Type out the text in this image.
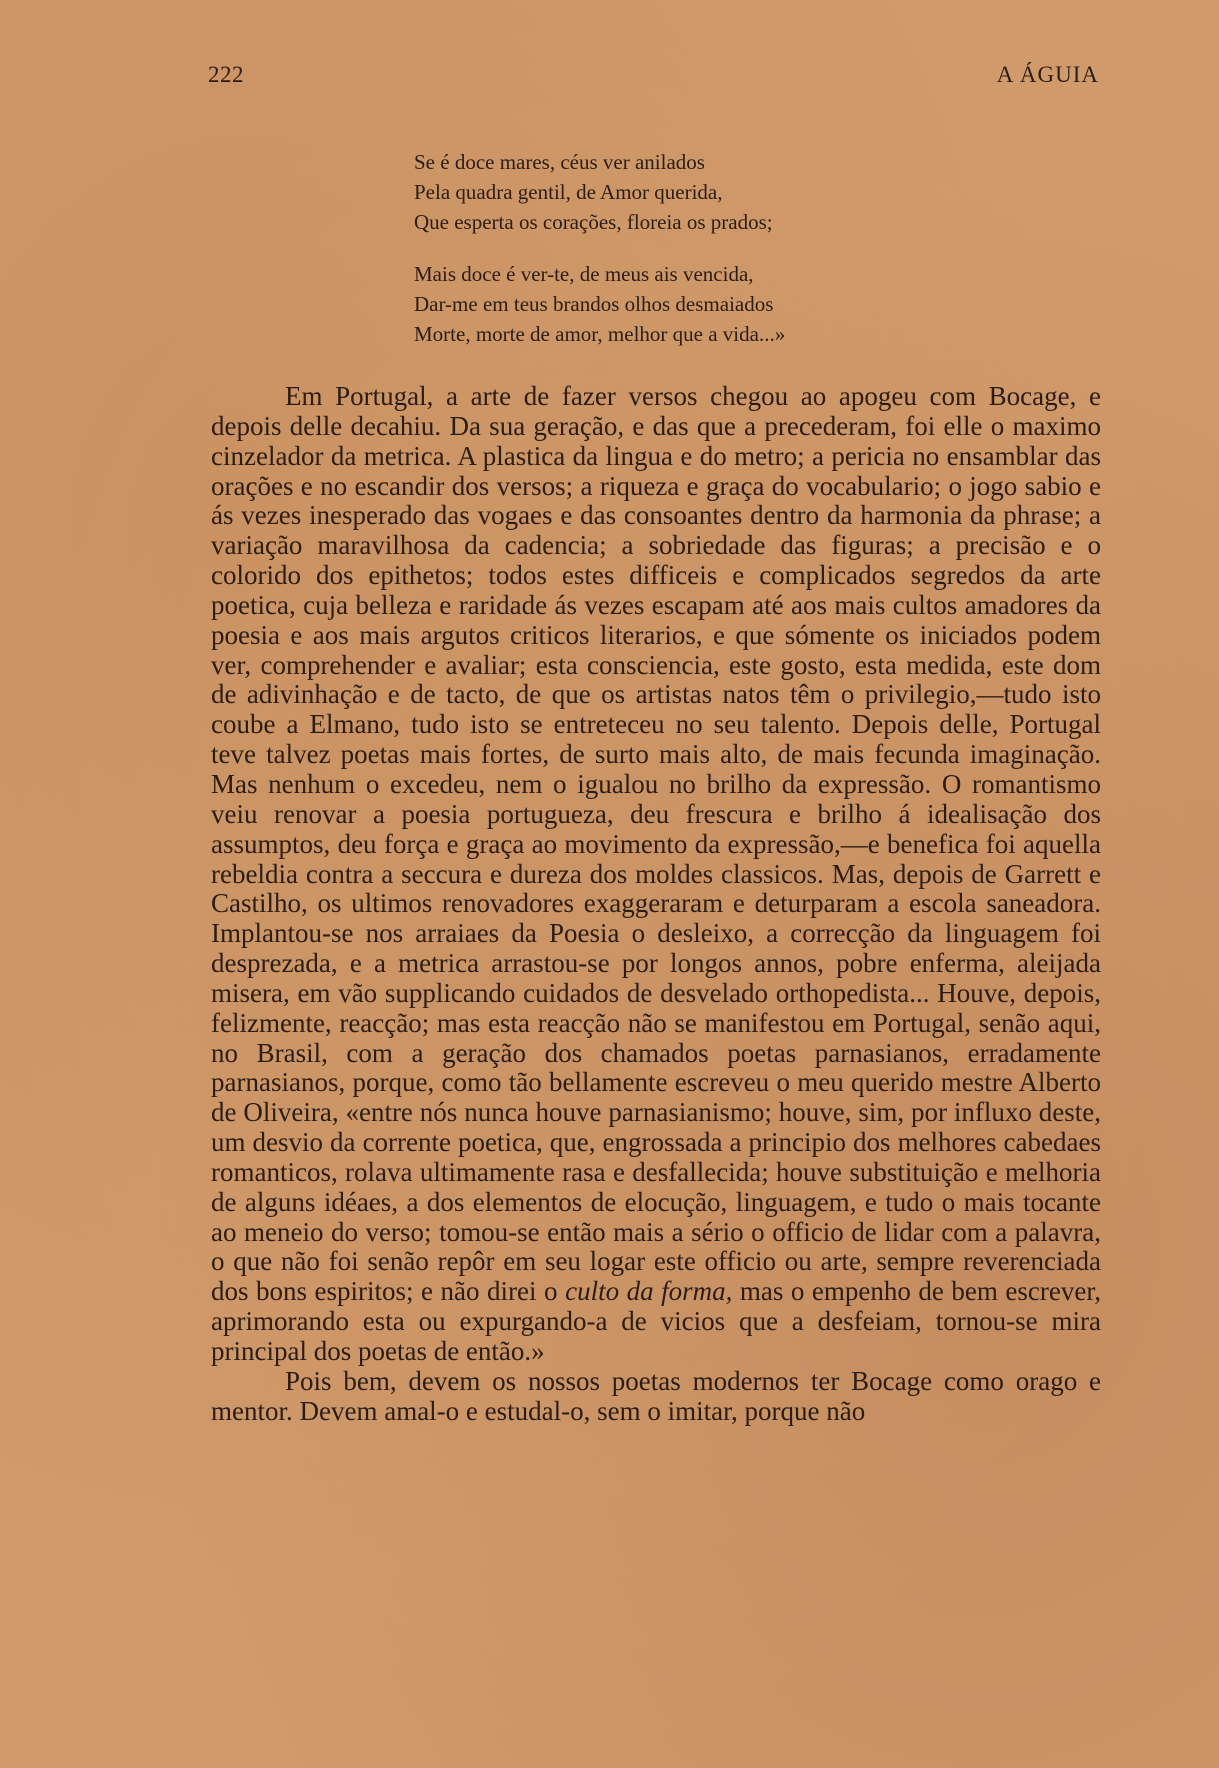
222	A ÁGUIA
Se é doce mares, céus ver anilados
Pela quadra gentil, de Amor querida,
Que esperta os corações, floreia os prados;
Mais doce é ver-te, de meus ais vencida,
Dar-me em teus brandos olhos desmaiados
Morte, morte de amor, melhor que a vida...»

Em Portugal, a arte de fazer versos chegou ao apogeu com Bocage, e depois delle decahiu. Da sua geração, e das que a precederam, foi elle o maximo cinzelador da metrica. A plastica da lingua e do metro; a pericia no ensamblar das orações e no escandir dos versos; a riqueza e graça do vocabulario; o jogo sabio e ás vezes inesperado das vogaes e das consoantes dentro da harmonia da phrase; a variação maravilhosa da cadencia; a sobriedade das figuras; a precisão e o colorido dos epithetos; todos estes difficeis e complicados segredos da arte poetica, cuja belleza e raridade ás vezes escapam até aos mais cultos amadores da poesia e aos mais argutos criticos literarios, e que sómente os iniciados podem ver, comprehender e avaliar; esta consciencia, este gosto, esta medida, este dom de adivinhação e de tacto, de que os artistas natos têm o privilegio,—tudo isto coube a Elmano, tudo isto se entreteceu no seu talento. Depois delle, Portugal teve talvez poetas mais fortes, de surto mais alto, de mais fecunda imaginação. Mas nenhum o excedeu, nem o igualou no brilho da expressão. O romantismo veiu renovar a poesia portugueza, deu frescura e brilho á idealisação dos assumptos, deu força e graça ao movimento da expressão,—e benefica foi aquella rebeldia contra a seccura e dureza dos moldes classicos. Mas, depois de Garrett e Castilho, os ultimos renovadores exaggeraram e deturparam a escola saneadora. Implantou-se nos arraiaes da Poesia o desleixo, a correcção da linguagem foi desprezada, e a metrica arrastou-se por longos annos, pobre enferma, aleijada misera, em vão supplicando cuidados de desvelado orthopedista... Houve, depois, felizmente, reacção; mas esta reacção não se manifestou em Portugal, senão aqui, no Brasil, com a geração dos chamados poetas parnasianos, erradamente parnasianos, porque, como tão bellamente escreveu o meu querido mestre Alberto de Oliveira, «entre nós nunca houve parnasianismo; houve, sim, por influxo deste, um desvio da corrente poetica, que, engrossada a principio dos melhores cabedaes romanticos, rolava ultimamente rasa e desfallecida; houve substituição e melhoria de alguns idéaes, a dos elementos de elocução, linguagem, e tudo o mais tocante ao meneio do verso; tomou-se então mais a sério o officio de lidar com a palavra, o que não foi senão repôr em seu logar este officio ou arte, sempre reverenciada dos bons espiritos; e não direi o culto da forma, mas o empenho de bem escrever, aprimorando esta ou expurgando-a de vicios que a desfeiam, tornou-se mira principal dos poetas de então.»

Pois bem, devem os nossos poetas modernos ter Bocage como orago e mentor. Devem amal-o e estudal-o, sem o imitar, porque não
